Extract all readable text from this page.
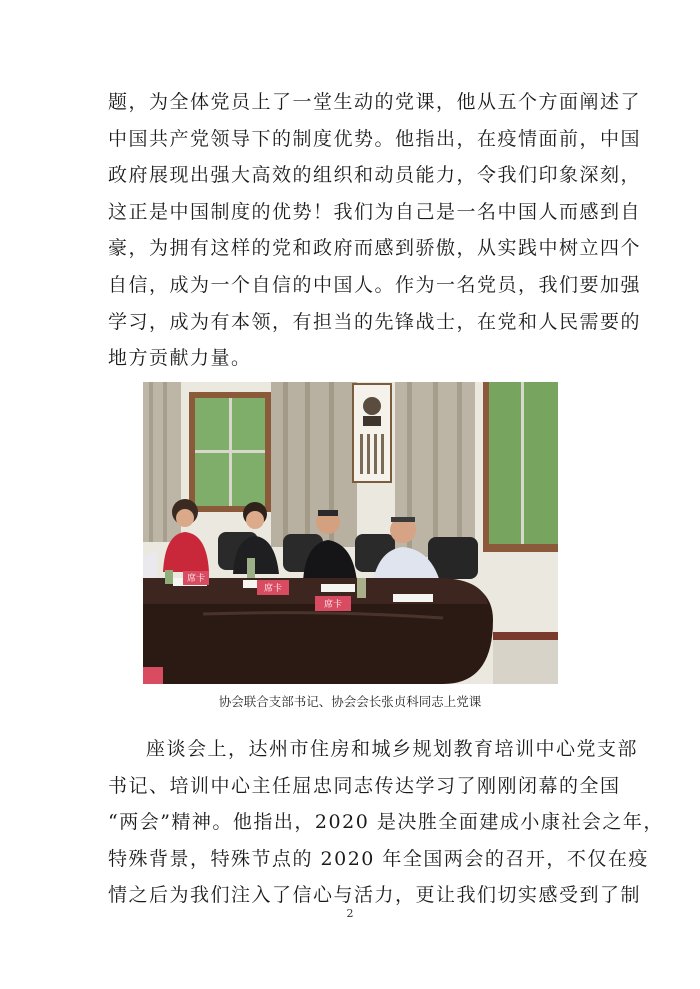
题，为全体党员上了一堂生动的党课，他从五个方面阐述了
中国共产党领导下的制度优势。他指出，在疫情面前，中国
政府展现出强大高效的组织和动员能力，令我们印象深刻，
这正是中国制度的优势！我们为自己是一名中国人而感到自
豪，为拥有这样的党和政府而感到骄傲，从实践中树立四个
自信，成为一个自信的中国人。作为一名党员，我们要加强
学习，成为有本领，有担当的先锋战士，在党和人民需要的
地方贡献力量。
席卡
席卡
席卡
协会联合支部书记、协会会长张贞科同志上党课
座谈会上，达州市住房和城乡规划教育培训中心党支部
书记、培训中心主任屈忠同志传达学习了刚刚闭幕的全国
“两会”精神。他指出，2020 是决胜全面建成小康社会之年，
特殊背景，特殊节点的 2020 年全国两会的召开，不仅在疫
情之后为我们注入了信心与活力，更让我们切实感受到了制
2
